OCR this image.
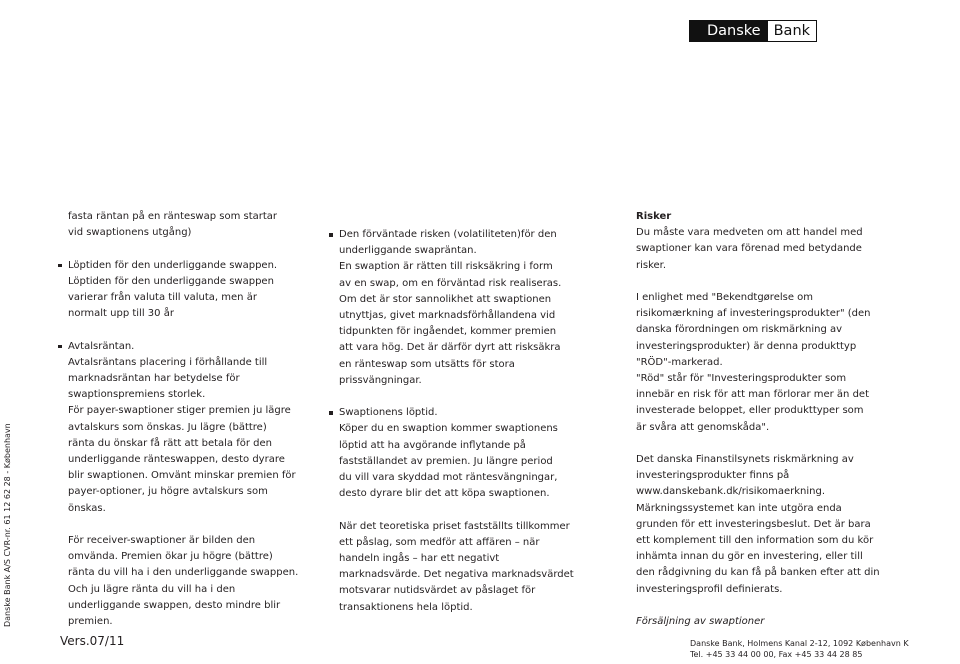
Danske Bank
Danske Bank A/S CVR-nr. 61 12 62 28 - København

fasta räntan på en ränteswap som startar

vid swaptionens utgång)

Löptiden för den underliggande swappen.

Löptiden för den underliggande swappen

varierar från valuta till valuta, men är

normalt upp till 30 år

Avtalsräntan.

Avtalsräntans placering i förhållande till

marknadsräntan har betydelse för

swaptionspremiens storlek.

För payer-swaptioner stiger premien ju lägre

avtalskurs som önskas. Ju lägre (bättre)

ränta du önskar få rätt att betala för den

underliggande ränteswappen, desto dyrare

blir swaptionen. Omvänt minskar premien för

payer-optioner, ju högre avtalskurs som

önskas.

För receiver-swaptioner är bilden den

omvända. Premien ökar ju högre (bättre)

ränta du vill ha i den underliggande swappen.

Och ju lägre ränta du vill ha i den

underliggande swappen, desto mindre blir

premien.

Den förväntade risken (volatiliteten)för den

underliggande swapräntan.

En swaption är rätten till risksäkring i form

av en swap, om en förväntad risk realiseras.

Om det är stor sannolikhet att swaptionen

utnyttjas, givet marknadsförhållandena vid

tidpunkten för ingåendet, kommer premien

att vara hög. Det är därför dyrt att risksäkra

en ränteswap som utsätts för stora

prissvängningar.

Swaptionens löptid.

Köper du en swaption kommer swaptionens

löptid att ha avgörande inflytande på

fastställandet av premien. Ju längre period

du vill vara skyddad mot räntesvängningar,

desto dyrare blir det att köpa swaptionen.

När det teoretiska priset fastställts tillkommer

ett påslag, som medför att affären – när

handeln ingås – har ett negativt

marknadsvärde. Det negativa marknadsvärdet

motsvarar nutidsvärdet av påslaget för

transaktionens hela löptid.

Risker

Du måste vara medveten om att handel med

swaptioner kan vara förenad med betydande

risker.

I enlighet med "Bekendtgørelse om

risikomærkning af investeringsprodukter" (den

danska förordningen om riskmärkning av

investeringsprodukter) är denna produkttyp

"RÖD"-markerad.

"Röd" står för "Investeringsprodukter som

innebär en risk för att man förlorar mer än det

investerade beloppet, eller produkttyper som

är svåra att genomskåda".

Det danska Finanstilsynets riskmärkning av

investeringsprodukter finns på

www.danskebank.dk/risikomaerkning.

Märkningssystemet kan inte utgöra enda

grunden för ett investeringsbeslut. Det är bara

ett komplement till den information som du kör

inhämta innan du gör en investering, eller till

den rådgivning du kan få på banken efter att din

investeringsprofil definierats.

Försäljning av swaptioner

Vers.07/11	Danske Bank, Holmens Kanal 2-12, 1092 København K
Tel. +45 33 44 00 00, Fax +45 33 44 28 85
